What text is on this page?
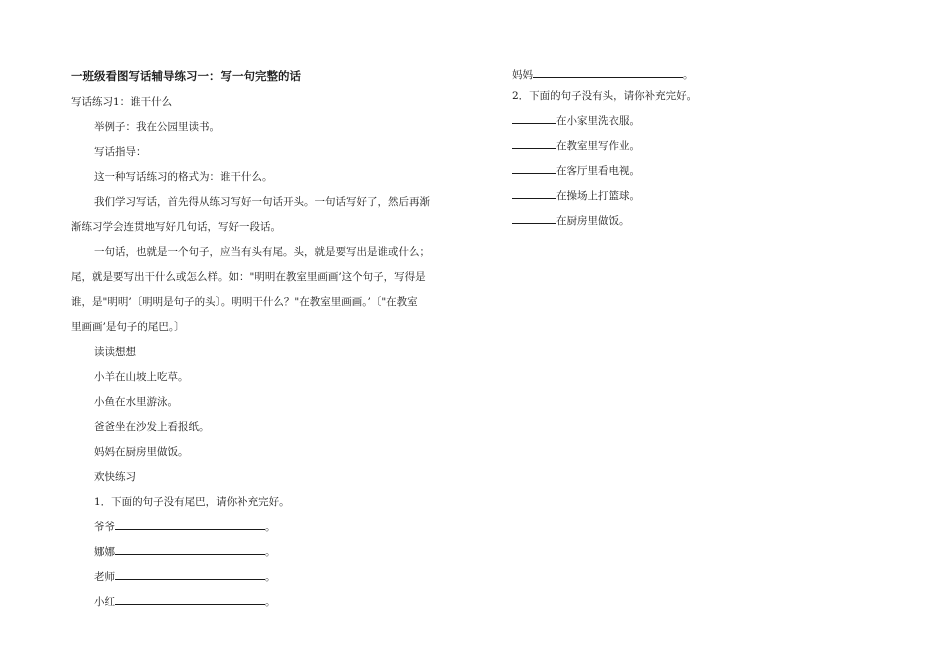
一班级看图写话辅导练习一：写一句完整的话
写话练习1：谁干什么
举例子：我在公园里读书。
写话指导：
这一种写话练习的格式为：谁干什么。
我们学习写话，首先得从练习写好一句话开头。一句话写好了，然后再渐
渐练习学会连贯地写好几句话，写好一段话。
一句话，也就是一个句子，应当有头有尾。头，就是要写出是谁或什么；
尾，就是要写出干什么或怎么样。如："明明在教室里画画’这个句子，写得是
谁，是"明明’〔明明是句子的头〕。明明干什么？"在教室里画画。’〔"在教室
里画画’是句子的尾巴。〕
读读想想
小羊在山坡上吃草。
小鱼在水里游泳。
爸爸坐在沙发上看报纸。
妈妈在厨房里做饭。
欢快练习
1．下面的句子没有尾巴，请你补充完好。
爷爷	。
娜娜	。
老师	。
小红	。
妈妈	。
2．下面的句子没有头，请你补充完好。
在小家里洗衣服。
在教室里写作业。
在客厅里看电视。
在操场上打篮球。
在厨房里做饭。
